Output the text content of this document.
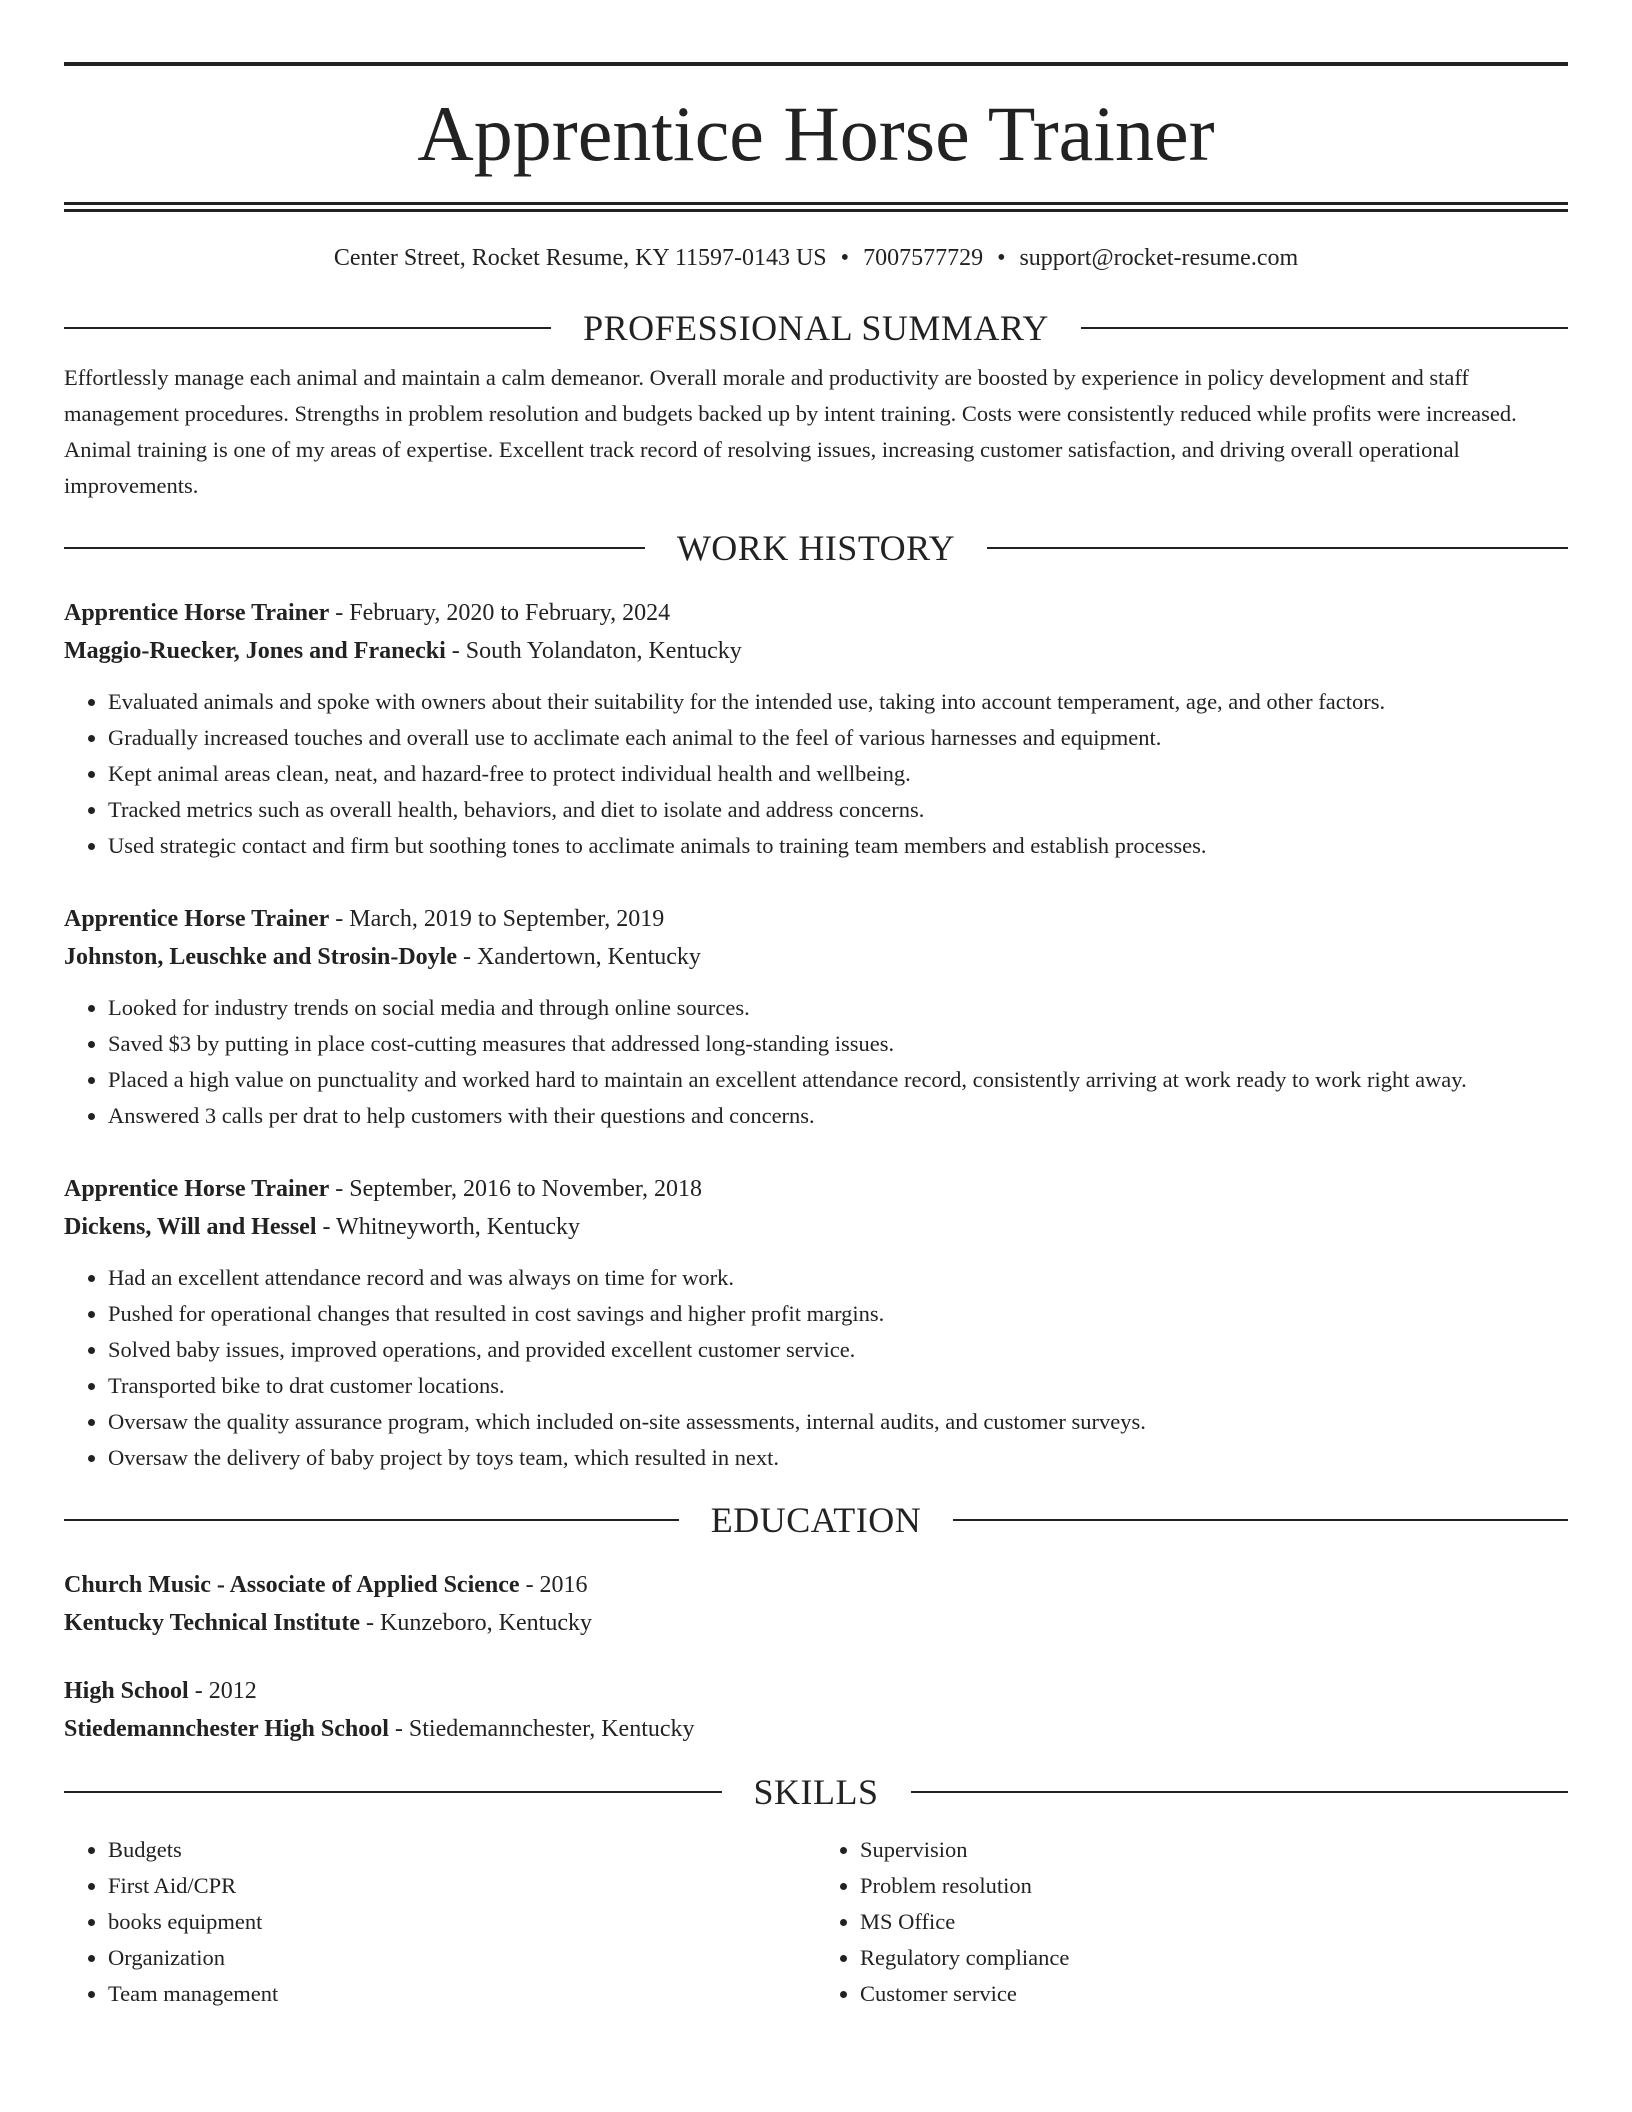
Apprentice Horse Trainer
Center Street, Rocket Resume, KY 11597-0143 US • 7007577729 • support@rocket-resume.com
PROFESSIONAL SUMMARY
Effortlessly manage each animal and maintain a calm demeanor. Overall morale and productivity are boosted by experience in policy development and staff management procedures. Strengths in problem resolution and budgets backed up by intent training. Costs were consistently reduced while profits were increased. Animal training is one of my areas of expertise. Excellent track record of resolving issues, increasing customer satisfaction, and driving overall operational improvements.
WORK HISTORY
Apprentice Horse Trainer - February, 2020 to February, 2024
Maggio-Ruecker, Jones and Franecki - South Yolandaton, Kentucky
• Evaluated animals and spoke with owners about their suitability for the intended use, taking into account temperament, age, and other factors.
• Gradually increased touches and overall use to acclimate each animal to the feel of various harnesses and equipment.
• Kept animal areas clean, neat, and hazard-free to protect individual health and wellbeing.
• Tracked metrics such as overall health, behaviors, and diet to isolate and address concerns.
• Used strategic contact and firm but soothing tones to acclimate animals to training team members and establish processes.
Apprentice Horse Trainer - March, 2019 to September, 2019
Johnston, Leuschke and Strosin-Doyle - Xandertown, Kentucky
• Looked for industry trends on social media and through online sources.
• Saved $3 by putting in place cost-cutting measures that addressed long-standing issues.
• Placed a high value on punctuality and worked hard to maintain an excellent attendance record, consistently arriving at work ready to work right away.
• Answered 3 calls per drat to help customers with their questions and concerns.
Apprentice Horse Trainer - September, 2016 to November, 2018
Dickens, Will and Hessel - Whitneyworth, Kentucky
• Had an excellent attendance record and was always on time for work.
• Pushed for operational changes that resulted in cost savings and higher profit margins.
• Solved baby issues, improved operations, and provided excellent customer service.
• Transported bike to drat customer locations.
• Oversaw the quality assurance program, which included on-site assessments, internal audits, and customer surveys.
• Oversaw the delivery of baby project by toys team, which resulted in next.
EDUCATION
Church Music - Associate of Applied Science - 2016
Kentucky Technical Institute - Kunzeboro, Kentucky
High School - 2012
Stiedemannchester High School - Stiedemannchester, Kentucky
SKILLS
• Budgets
• First Aid/CPR
• books equipment
• Organization
• Team management
• Supervision
• Problem resolution
• MS Office
• Regulatory compliance
• Customer service
